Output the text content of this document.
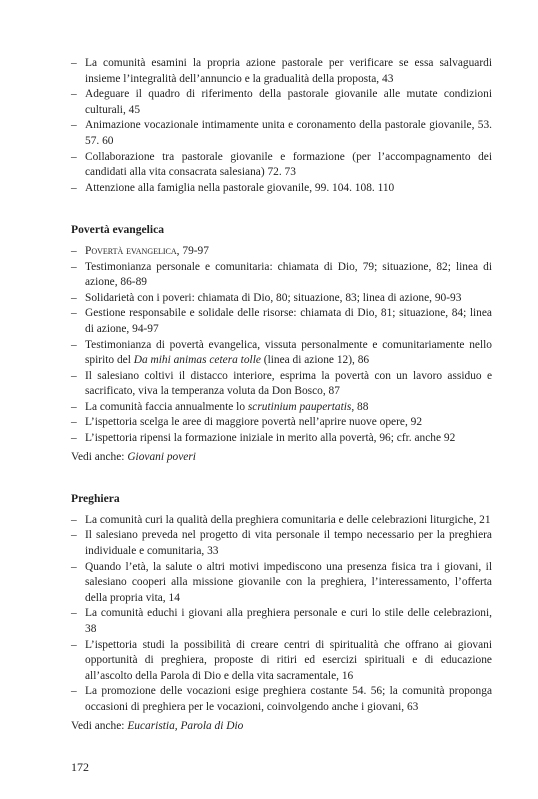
– La comunità esamini la propria azione pastorale per verificare se essa salvaguardi insieme l’integralità dell’annuncio e la gradualità della proposta, 43
– Adeguare il quadro di riferimento della pastorale giovanile alle mutate condizioni culturali, 45
– Animazione vocazionale intimamente unita e coronamento della pastorale giovanile, 53. 57. 60
– Collaborazione tra pastorale giovanile e formazione (per l’accompagnamento dei candidati alla vita consacrata salesiana) 72. 73
– Attenzione alla famiglia nella pastorale giovanile, 99. 104. 108. 110
Povertà evangelica
– Povertà evangelica, 79-97
– Testimonianza personale e comunitaria: chiamata di Dio, 79; situazione, 82; linea di azione, 86-89
– Solidarietà con i poveri: chiamata di Dio, 80; situazione, 83; linea di azione, 90-93
– Gestione responsabile e solidale delle risorse: chiamata di Dio, 81; situazione, 84; linea di azione, 94-97
– Testimonianza di povertà evangelica, vissuta personalmente e comunitariamente nello spirito del Da mihi animas cetera tolle (linea di azione 12), 86
– Il salesiano coltivi il distacco interiore, esprima la povertà con un lavoro assiduo e sacrificato, viva la temperanza voluta da Don Bosco, 87
– La comunità faccia annualmente lo scrutinium paupertatis, 88
– L’ispettoria scelga le aree di maggiore povertà nell’aprire nuove opere, 92
– L’ispettoria ripensi la formazione iniziale in merito alla povertà, 96; cfr. anche 92
Vedi anche: Giovani poveri
Preghiera
– La comunità curi la qualità della preghiera comunitaria e delle celebrazioni liturgiche, 21
– Il salesiano preveda nel progetto di vita personale il tempo necessario per la preghiera individuale e comunitaria, 33
– Quando l’età, la salute o altri motivi impediscono una presenza fisica tra i giovani, il salesiano cooperi alla missione giovanile con la preghiera, l’interessamento, l’offerta della propria vita, 14
– La comunità educhi i giovani alla preghiera personale e curi lo stile delle celebrazioni, 38
– L’ispettoria studi la possibilità di creare centri di spiritualità che offrano ai giovani opportunità di preghiera, proposte di ritiri ed esercizi spirituali e di educazione all’ascolto della Parola di Dio e della vita sacramentale, 16
– La promozione delle vocazioni esige preghiera costante 54. 56; la comunità proponga occasioni di preghiera per le vocazioni, coinvolgendo anche i giovani, 63
Vedi anche: Eucaristia, Parola di Dio
172
